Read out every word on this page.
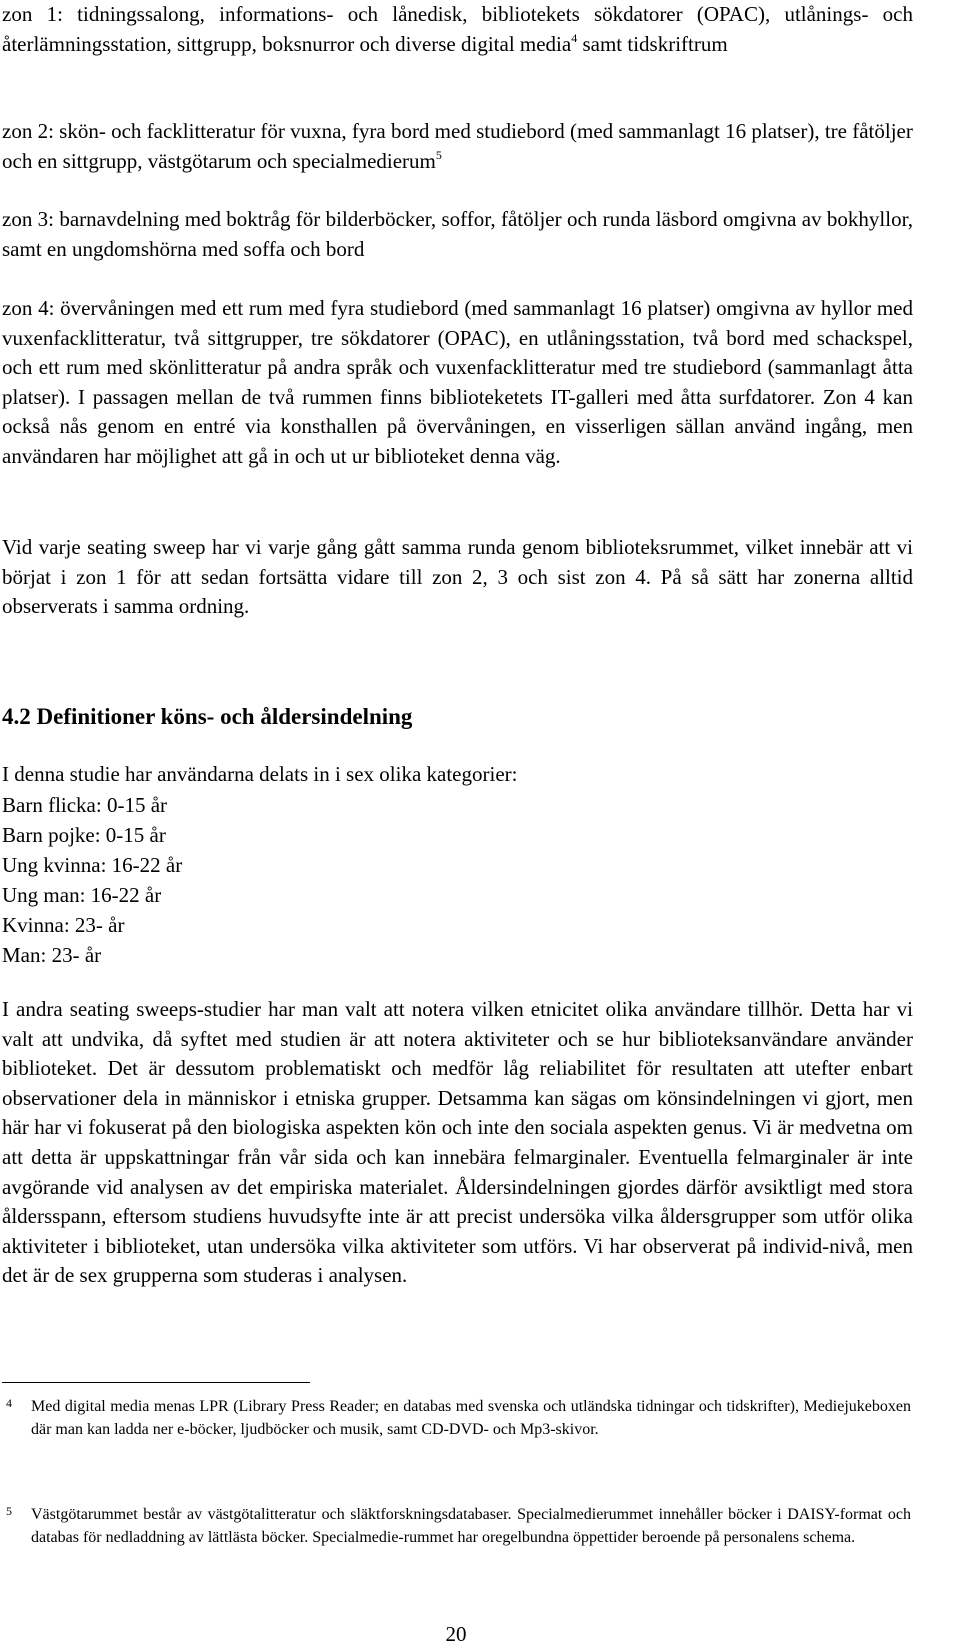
zon 1: tidningssalong, informations- och lånedisk, bibliotekets sökdatorer (OPAC), utlånings- och återlämningsstation, sittgrupp, boksnurror och diverse digital media$^4$ samt tidskriftrum

zon 2: skön- och facklitteratur för vuxna, fyra bord med studiebord (med sammanlagt 16 platser), tre fåtöljer och en sittgrupp, västgötarum och specialmedierum$^5$

zon 3: barnavdelning med boktråg för bilderböcker, soffor, fåtöljer och runda läsbord omgivna av bokhyllor, samt en ungdomshörna med soffa och bord

zon 4: övervåningen med ett rum med fyra studiebord (med sammanlagt 16 platser) omgivna av hyllor med vuxenfacklitteratur, två sittgrupper, tre sökdatorer (OPAC), en utlåningsstation, två bord med schackspel, och ett rum med skönlitteratur på andra språk och vuxenfacklitteratur med tre studiebord (sammanlagt åtta platser). I passagen mellan de två rummen finns biblioteketets IT-galleri med åtta surfdatorer. Zon 4 kan också nås genom en entré via konsthallen på övervåningen, en visserligen sällan använd ingång, men användaren har möjlighet att gå in och ut ur biblioteket denna väg.

Vid varje seating sweep har vi varje gång gått samma runda genom biblioteksrummet, vilket innebär att vi börjat i zon 1 för att sedan fortsätta vidare till zon 2, 3 och sist zon 4. På så sätt har zonerna alltid observerats i samma ordning.

4.2 Definitioner köns- och åldersindelning

I denna studie har användarna delats in i sex olika kategorier:

Barn flicka: 0-15 år
Barn pojke: 0-15 år
Ung kvinna: 16-22 år
Ung man: 16-22 år
Kvinna: 23- år
Man: 23- år

I andra seating sweeps-studier har man valt att notera vilken etnicitet olika användare tillhör. Detta har vi valt att undvika, då syftet med studien är att notera aktiviteter och se hur biblioteksanvändare använder biblioteket. Det är dessutom problematiskt och medför låg reliabilitet för resultaten att utefter enbart observationer dela in människor i etniska grupper. Detsamma kan sägas om könsindelningen vi gjort, men här har vi fokuserat på den biologiska aspekten kön och inte den sociala aspekten genus. Vi är medvetna om att detta är uppskattningar från vår sida och kan innebära felmarginaler. Eventuella felmarginaler är inte avgörande vid analysen av det empiriska materialet. Åldersindelningen gjordes därför avsiktligt med stora åldersspann, eftersom studiens huvudsyfte inte är att precist undersöka vilka åldersgrupper som utför olika aktiviteter i biblioteket, utan undersöka vilka aktiviteter som utförs. Vi har observerat på individ-nivå, men det är de sex grupperna som studeras i analysen.

4 Med digital media menas LPR (Library Press Reader; en databas med svenska och utländska tidningar och tidskrifter), Mediejukeboxen där man kan ladda ner e-böcker, ljudböcker och musik, samt CD-DVD- och Mp3-skivor.
5 Västgötarummet består av västgötalitteratur och släktforskningsdatabaser. Specialmedierummet innehåller böcker i DAISY-format och databas för nedladdning av lättlästa böcker. Specialmedie-rummet har oregelbundna öppettider beroende på personalens schema.
20
